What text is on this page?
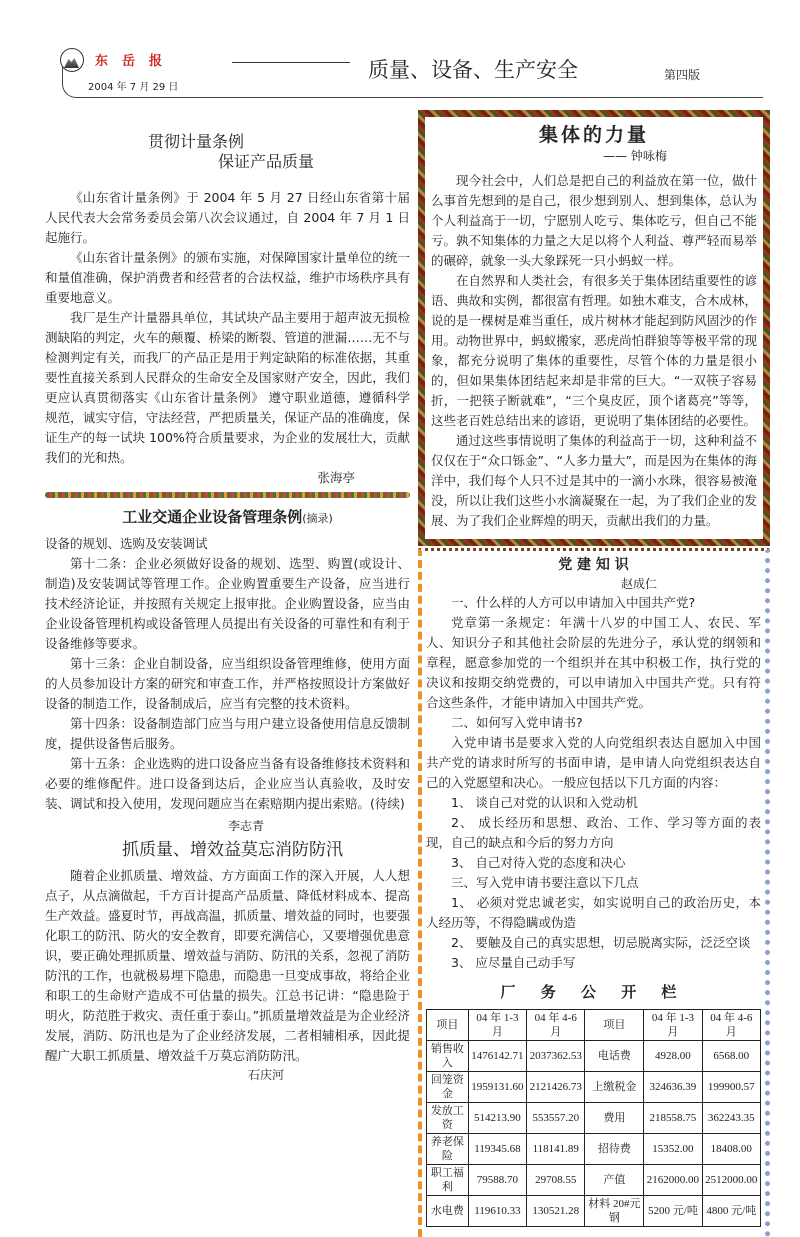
东岳报
2004 年 7 月 29 日
质量、设备、生产安全	第四版
贯彻计量条例
保证产品质量

《山东省计量条例》于 2004 年 5 月 27 日经山东省第十届人民代表大会常务委员会第八次会议通过，自 2004 年 7 月 1 日起施行。

《山东省计量条例》的颁布实施，对保障国家计量单位的统一和量值准确，保护消费者和经营者的合法权益，维护市场秩序具有重要地意义。

我厂是生产计量器具单位，其试块产品主要用于超声波无损检测缺陷的判定，火车的颠覆、桥梁的断裂、管道的泄漏……无不与检测判定有关，而我厂的产品正是用于判定缺陷的标准依据，其重要性直接关系到人民群众的生命安全及国家财产安全，因此，我们更应认真贯彻落实《山东省计量条例》 遵守职业道德，遵循科学规范，诚实守信，守法经营，严把质量关，保证产品的准确度，保证生产的每一试块 100%符合质量要求，为企业的发展壮大，贡献我们的光和热。

张海亭
工业交通企业设备管理条例(摘录)

设备的规划、选购及安装调试

第十二条：企业必须做好设备的规划、选型、购置(或设计、制造)及安装调试等管理工作。企业购置重要生产设备，应当进行技术经济论证，并按照有关规定上报审批。企业购置设备，应当由企业设备管理机构或设备管理人员提出有关设备的可靠性和有利于设备维修等要求。

第十三条：企业自制设备，应当组织设备管理维修，使用方面的人员参加设计方案的研究和审查工作，并严格按照设计方案做好设备的制造工作，设备制成后，应当有完整的技术资料。

第十四条：设备制造部门应当与用户建立设备使用信息反馈制度，提供设备售后服务。

第十五条：企业选购的进口设备应当备有设备维修技术资料和必要的维修配件。进口设备到达后，企业应当认真验收，及时安装、调试和投入使用，发现问题应当在索赔期内提出索赔。(待续)

李志青
抓质量、增效益莫忘消防防汛

随着企业抓质量、增效益、方方面面工作的深入开展，人人想点子，从点滴做起，千方百计提高产品质量、降低材料成本、提高生产效益。盛夏时节，再战高温，抓质量、增效益的同时，也要强化职工的防汛、防火的安全教育，即要充满信心，又要增强优患意识，要正确处理抓质量、增效益与消防、防汛的关系，忽视了消防防汛的工作，也就极易埋下隐患，而隐患一旦变成事故，将给企业和职工的生命财产造成不可估量的损失。江总书记讲：“隐患险于明火，防范胜于救灾、责任重于泰山。”抓质量增效益是为企业经济发展，消防、防汛也是为了企业经济发展，二者相辅相承，因此提醒广大职工抓质量、增效益千万莫忘消防防汛。

石庆河
集体的力量
—— 钟咏梅

现今社会中，人们总是把自己的利益放在第一位，做什么事首先想到的是自己，很少想到别人、想到集体，总认为个人利益高于一切，宁愿别人吃亏、集体吃亏，但自己不能亏。孰不知集体的力量之大足以将个人利益、尊严轻而易举的碾碎，就象一头大象踩死一只小蚂蚁一样。

在自然界和人类社会，有很多关于集体团结重要性的谚语、典故和实例，都很富有哲理。如独木难支，合木成林，说的是一棵树是难当重任，成片树林才能起到防风固沙的作用。动物世界中，蚂蚁搬家，恶虎尚怕群狼等等极平常的现象，都充分说明了集体的重要性，尽管个体的力量是很小的，但如果集体团结起来却是非常的巨大。“一双筷子容易折，一把筷子断就难”，“三个臭皮匠，顶个诸葛亮”等等，这些老百姓总结出来的谚语，更说明了集体团结的必要性。

通过这些事情说明了集体的利益高于一切，这种利益不仅仅在于“众口铄金”、“人多力量大”，而是因为在集体的海洋中，我们每个人只不过是其中的一滴小水珠，很容易被淹没，所以让我们这些小水滴凝聚在一起，为了我们企业的发展、为了我们企业辉煌的明天，贡献出我们的力量。

党 建 知 识
赵成仁

一、什么样的人方可以申请加入中国共产党?

党章第一条规定：年满十八岁的中国工人、农民、军人、知识分子和其他社会阶层的先进分子，承认党的纲领和章程，愿意参加党的一个组织并在其中积极工作，执行党的决议和按期交纳党费的，可以申请加入中国共产党。只有符合这些条件，才能申请加入中国共产党。

二、如何写入党申请书?

入党申请书是要求入党的人向党组织表达自愿加入中国共产党的请求时所写的书面申请，是申请人向党组织表达自己的入党愿望和决心。一般应包括以下几方面的内容：

1、 谈自己对党的认识和入党动机

2、 成长经历和思想、政治、工作、学习等方面的表现，自己的缺点和今后的努力方向

3、 自己对待入党的态度和决心

三、写入党申请书要注意以下几点

1、 必须对党忠诚老实，如实说明自己的政治历史，本人经历等，不得隐瞒或伪造

2、 要触及自己的真实思想，切忌脱离实际，泛泛空谈

3、 应尽量自己动手写

厂 务 公 开 栏
项目	04 年 1-3 月	04 年 4-6 月	项目	04 年 1-3 月	04 年 4-6 月
销售收入	1476142.71	2037362.53	电话费	4928.00	6568.00
回笼资金	1959131.60	2121426.73	上缴税金	324636.39	199900.57
发放工资	514213.90	553557.20	费用	218558.75	362243.35
养老保险	119345.68	118141.89	招待费	15352.00	18408.00
职工福利	79588.70	29708.55	产值	2162000.00	2512000.00
水电费	119610.33	130521.28	材料 20#元钢	5200 元/吨	4800 元/吨
